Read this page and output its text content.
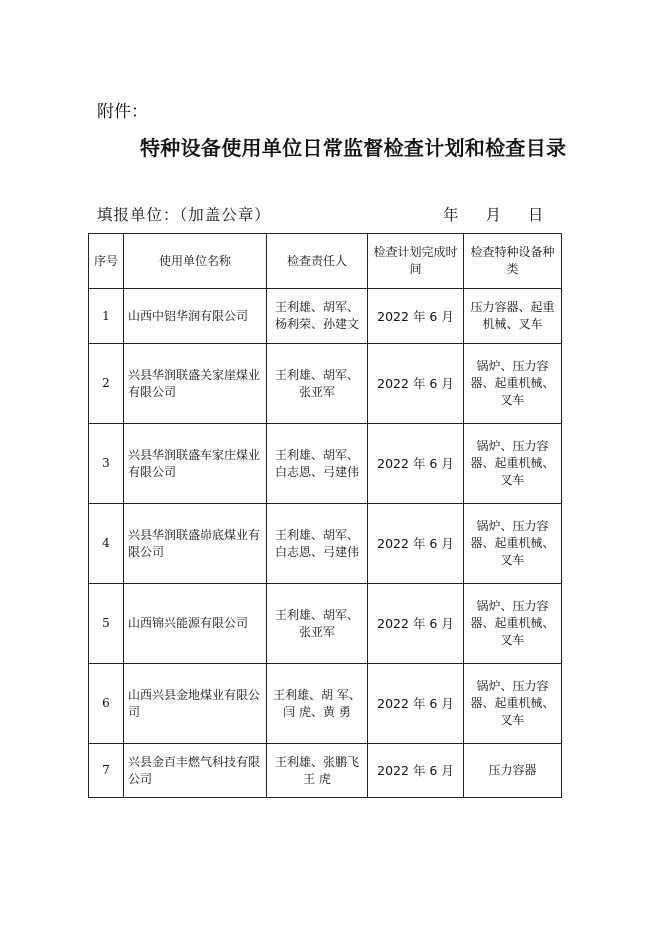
附件：
特种设备使用单位日常监督检查计划和检查目录
填报单位：（加盖公章）	年 月 日
序号	使用单位名称	检查责任人	检查计划完成时间	检查特种设备种类
1	山西中铝华润有限公司	王利雄、胡军、杨利荣、孙建文	2022 年 6 月	压力容器、起重机械、叉车
2	兴县华润联盛关家崖煤业有限公司	王利雄、胡军、张亚军	2022 年 6 月	锅炉、压力容器、起重机械、叉车
3	兴县华润联盛车家庄煤业有限公司	王利雄、胡军、白志恩、弓建伟	2022 年 6 月	锅炉、压力容器、起重机械、叉车
4	兴县华润联盛峁底煤业有限公司	王利雄、胡军、白志恩、弓建伟	2022 年 6 月	锅炉、压力容器、起重机械、叉车
5	山西锦兴能源有限公司	王利雄、胡军、张亚军	2022 年 6 月	锅炉、压力容器、起重机械、叉车
6	山西兴县金地煤业有限公司	王利雄、胡 军、闫 虎、黄 勇	2022 年 6 月	锅炉、压力容器、起重机械、叉车
7	兴县金百丰燃气科技有限公司	王利雄、张鹏飞 王 虎	2022 年 6 月	压力容器
